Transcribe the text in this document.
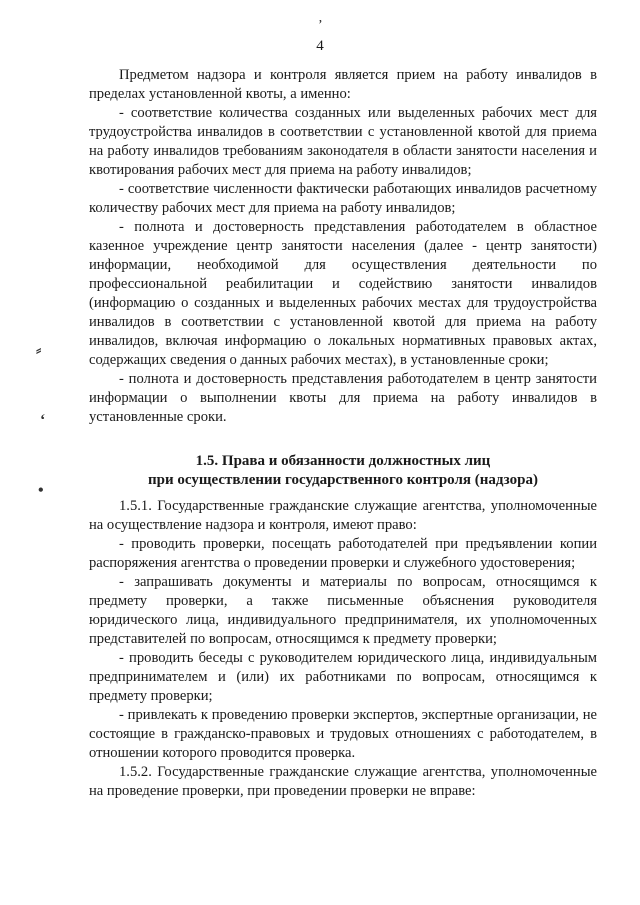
ʼ
⸗
ʻ
•
4

Предметом надзора и контроля является прием на работу инвалидов в пределах установленной квоты, а именно:

- соответствие количества созданных или выделенных рабочих мест для трудоустройства инвалидов в соответствии с установленной квотой для приема на работу инвалидов требованиям законодателя в области занятости населения и квотирования рабочих мест для приема на работу инвалидов;

- соответствие численности фактически работающих инвалидов расчетному количеству рабочих мест для приема на работу инвалидов;

- полнота и достоверность представления работодателем в областное казенное учреждение центр занятости населения (далее - центр занятости) информации, необходимой для осуществления деятельности по профессиональной реабилитации и содействию занятости инвалидов (информацию о созданных и выделенных рабочих местах для трудоустройства инвалидов в соответствии с установленной квотой для приема на работу инвалидов, включая информацию о локальных нормативных правовых актах, содержащих сведения о данных рабочих местах), в установленные сроки;

- полнота и достоверность представления работодателем в центр занятости информации о выполнении квоты для приема на работу инвалидов в установленные сроки.

1.5. Права и обязанности должностных лиц
при осуществлении государственного контроля (надзора)

1.5.1. Государственные гражданские служащие агентства, уполномоченные на осуществление надзора и контроля, имеют право:

- проводить проверки, посещать работодателей при предъявлении копии распоряжения агентства о проведении проверки и служебного удостоверения;

- запрашивать документы и материалы по вопросам, относящимся к предмету проверки, а также письменные объяснения руководителя юридического лица, индивидуального предпринимателя, их уполномоченных представителей по вопросам, относящимся к предмету проверки;

- проводить беседы с руководителем юридического лица, индивидуальным предпринимателем и (или) их работниками по вопросам, относящимся к предмету проверки;

- привлекать к проведению проверки экспертов, экспертные организации, не состоящие в гражданско-правовых и трудовых отношениях с работодателем, в отношении которого проводится проверка.

1.5.2. Государственные гражданские служащие агентства, уполномоченные на проведение проверки, при проведении проверки не вправе:
